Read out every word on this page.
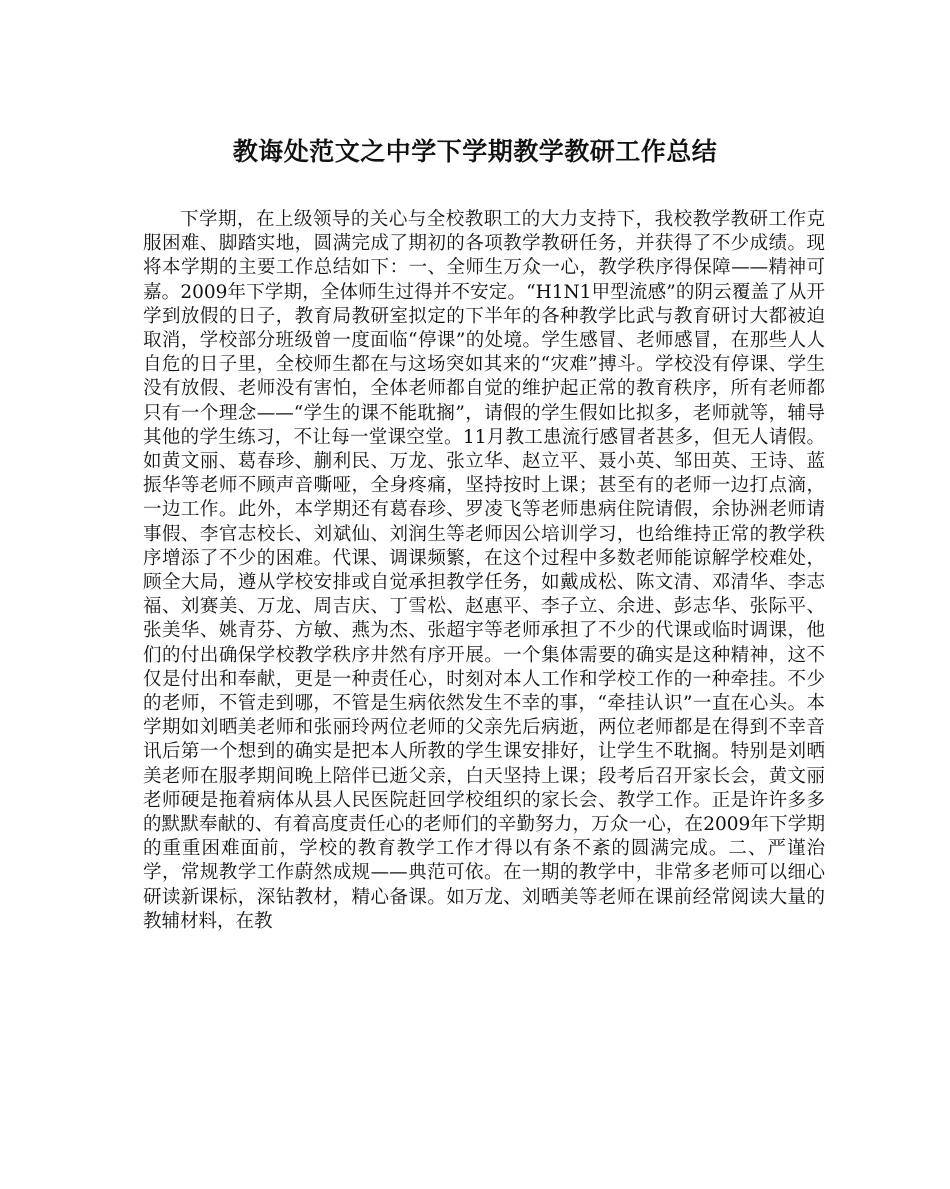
教诲处范文之中学下学期教学教研工作总结

下学期，在上级领导的关心与全校教职工的大力支持下，我校教学教研工作克服困难、脚踏实地，圆满完成了期初的各项教学教研任务，并获得了不少成绩。现将本学期的主要工作总结如下：一、全师生万众一心，教学秩序得保障——精神可嘉。2009年下学期，全体师生过得并不安定。“H1N1甲型流感”的阴云覆盖了从开学到放假的日子，教育局教研室拟定的下半年的各种教学比武与教育研讨大都被迫取消，学校部分班级曾一度面临“停课”的处境。学生感冒、老师感冒，在那些人人自危的日子里，全校师生都在与这场突如其来的“灾难”搏斗。学校没有停课、学生没有放假、老师没有害怕，全体老师都自觉的维护起正常的教育秩序，所有老师都只有一个理念——“学生的课不能耽搁”，请假的学生假如比拟多，老师就等，辅导其他的学生练习，不让每一堂课空堂。11月教工患流行感冒者甚多，但无人请假。如黄文丽、葛春珍、蒯利民、万龙、张立华、赵立平、聂小英、邹田英、王诗、蓝振华等老师不顾声音嘶哑，全身疼痛，坚持按时上课；甚至有的老师一边打点滴，一边工作。此外，本学期还有葛春珍、罗凌飞等老师患病住院请假，余协洲老师请事假、李官志校长、刘斌仙、刘润生等老师因公培训学习，也给维持正常的教学秩序增添了不少的困难。代课、调课频繁，在这个过程中多数老师能谅解学校难处，顾全大局，遵从学校安排或自觉承担教学任务，如戴成松、陈文清、邓清华、李志福、刘赛美、万龙、周吉庆、丁雪松、赵惠平、李子立、余进、彭志华、张际平、张美华、姚青芬、方敏、燕为杰、张超宇等老师承担了不少的代课或临时调课，他们的付出确保学校教学秩序井然有序开展。一个集体需要的确实是这种精神，这不仅是付出和奉献，更是一种责任心，时刻对本人工作和学校工作的一种牵挂。不少的老师，不管走到哪，不管是生病依然发生不幸的事，“牵挂认识”一直在心头。本学期如刘晒美老师和张丽玲两位老师的父亲先后病逝，两位老师都是在得到不幸音讯后第一个想到的确实是把本人所教的学生课安排好，让学生不耽搁。特别是刘晒美老师在服孝期间晚上陪伴已逝父亲，白天坚持上课；段考后召开家长会，黄文丽老师硬是拖着病体从县人民医院赶回学校组织的家长会、教学工作。正是许许多多的默默奉献的、有着高度责任心的老师们的辛勤努力，万众一心，在2009年下学期的重重困难面前，学校的教育教学工作才得以有条不紊的圆满完成。二、严谨治学，常规教学工作蔚然成规——典范可依。在一期的教学中，非常多老师可以细心研读新课标，深钻教材，精心备课。如万龙、刘晒美等老师在课前经常阅读大量的教辅材料，在教
